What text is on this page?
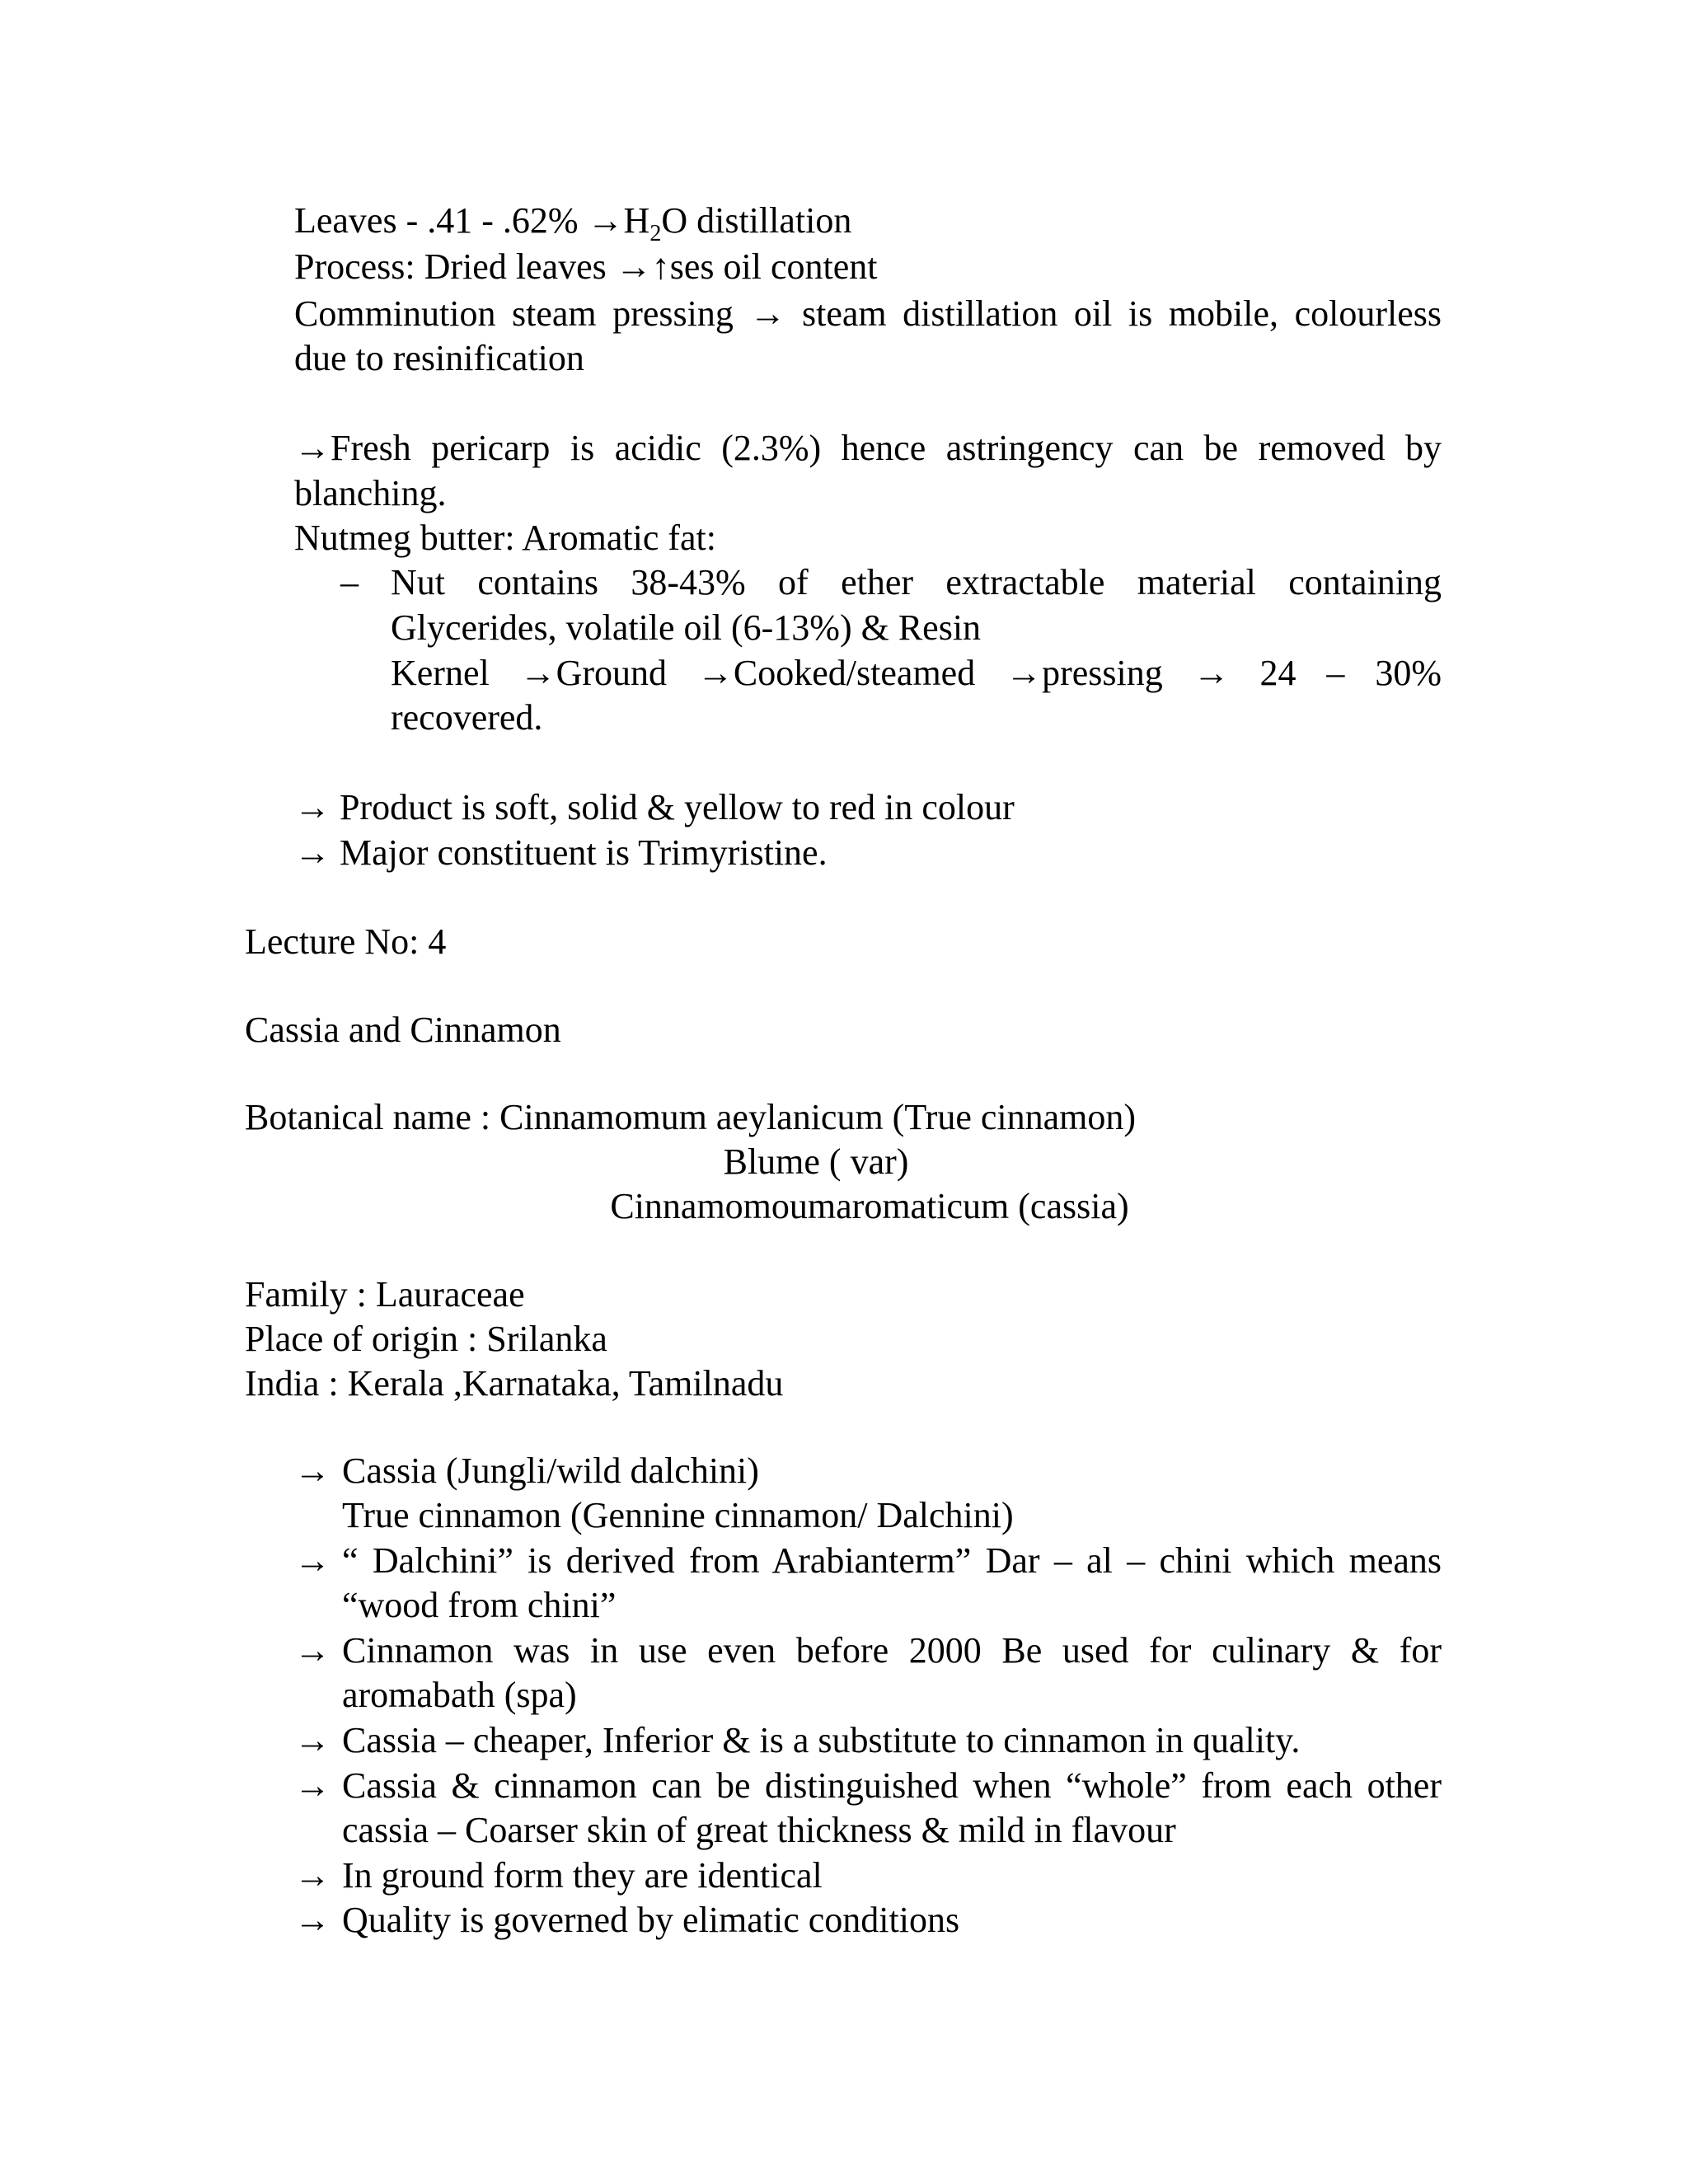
Leaves - $.41 - .62\% \to H_2O$ distillation
Process: Dried leaves →↑ses oil content
Comminution steam pressing → steam distillation oil is mobile, colourless
due to resinification
→Fresh pericarp is acidic (2.3%) hence astringency can be removed by
blanching.
Nutmeg butter: Aromatic fat:
– Nut contains 38-43% of ether extractable material containing
Glycerides, volatile oil (6-13%) & Resin
Kernel →Ground →Cooked/steamed →pressing → 24 – 30%
recovered.
→ Product is soft, solid & yellow to red in colour
→ Major constituent is Trimyristine.
Lecture No: 4
Cassia and Cinnamon
Botanical name : Cinnamomum aeylanicum (True cinnamon)
Blume ( var)
Cinnamomoumaromaticum (cassia)
Family : Lauraceae
Place of origin : Srilanka
India : Kerala ,Karnataka, Tamilnadu
→ Cassia (Jungli/wild dalchini)
True cinnamon (Gennine cinnamon/ Dalchini)
→ “ Dalchini” is derived from Arabianterm” Dar – al – chini which means
“wood from chini”
→ Cinnamon was in use even before 2000 Be used for culinary & for
aromabath (spa)
→ Cassia – cheaper, Inferior & is a substitute to cinnamon in quality.
→ Cassia & cinnamon can be distinguished when “whole” from each other
cassia – Coarser skin of great thickness & mild in flavour
→ In ground form they are identical
→ Quality is governed by elimatic conditions
